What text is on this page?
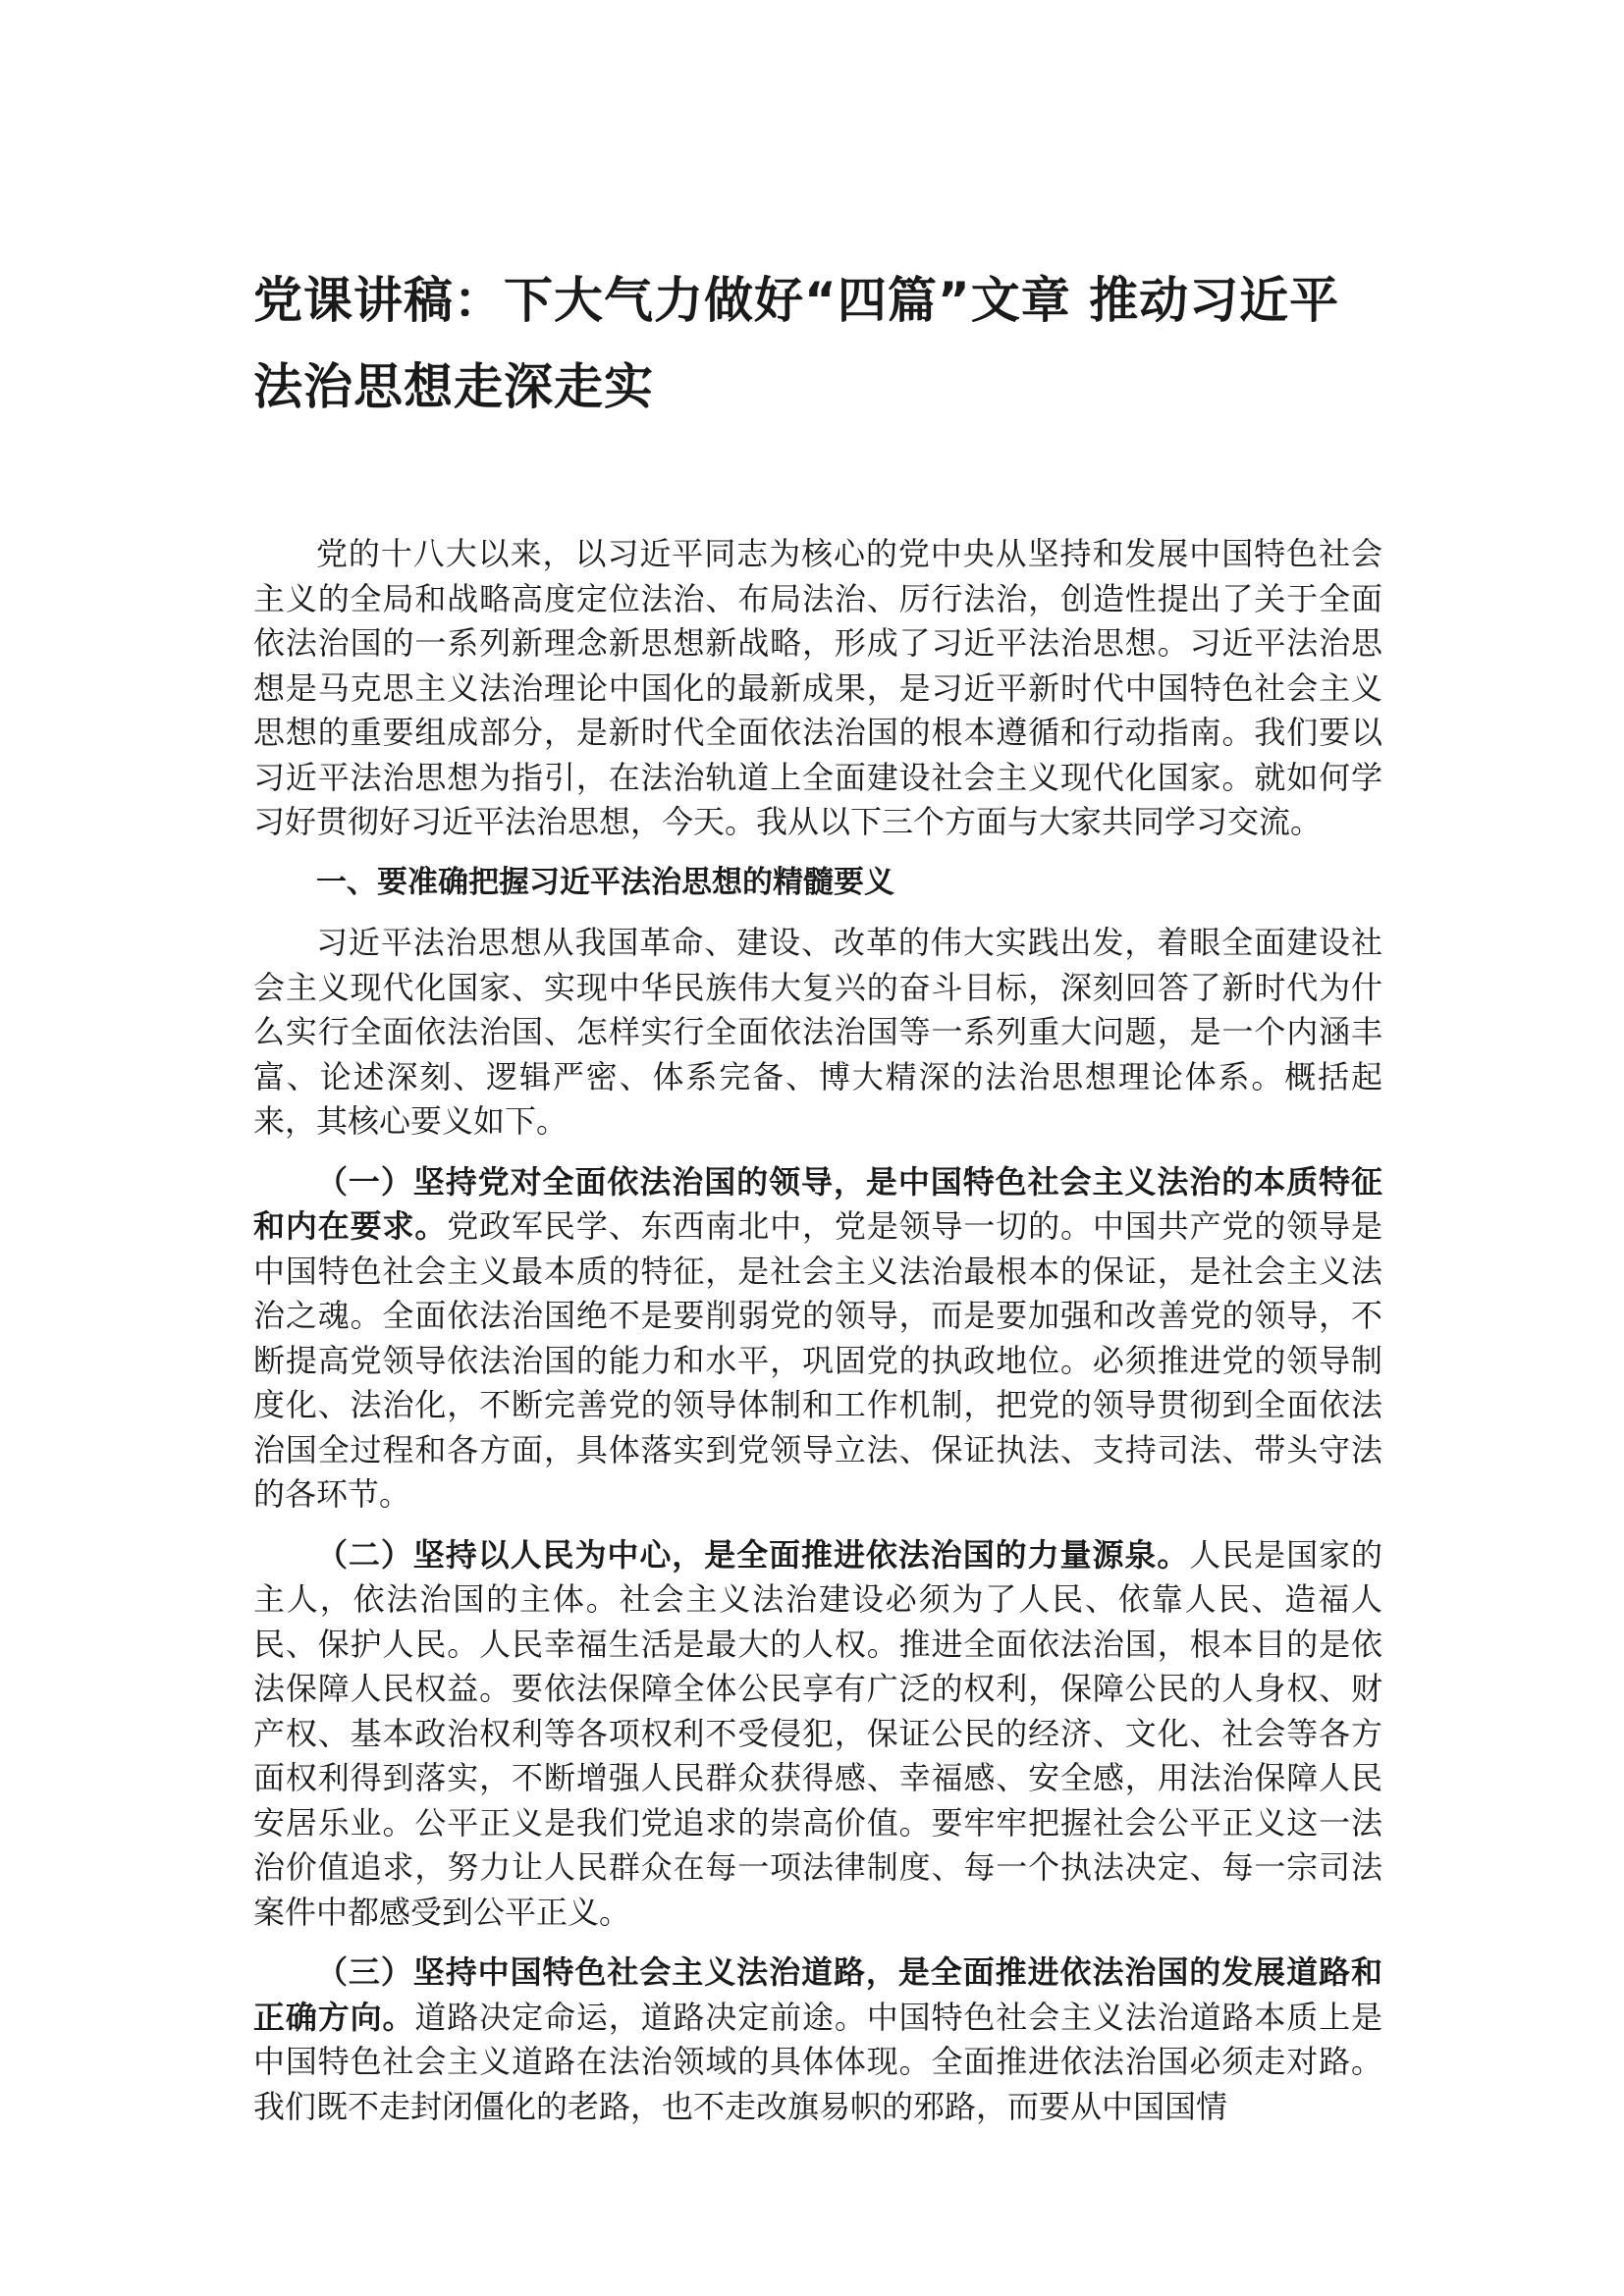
党课讲稿：下大气力做好“四篇”文章 推动习近平
法治思想走深走实

党的十八大以来，以习近平同志为核心的党中央从坚持和发展中国特色社会主义的全局和战略高度定位法治、布局法治、厉行法治，创造性提出了关于全面依法治国的一系列新理念新思想新战略，形成了习近平法治思想。习近平法治思想是马克思主义法治理论中国化的最新成果，是习近平新时代中国特色社会主义思想的重要组成部分，是新时代全面依法治国的根本遵循和行动指南。我们要以习近平法治思想为指引，在法治轨道上全面建设社会主义现代化国家。就如何学习好贯彻好习近平法治思想，今天。我从以下三个方面与大家共同学习交流。

一、要准确把握习近平法治思想的精髓要义

习近平法治思想从我国革命、建设、改革的伟大实践出发，着眼全面建设社会主义现代化国家、实现中华民族伟大复兴的奋斗目标，深刻回答了新时代为什么实行全面依法治国、怎样实行全面依法治国等一系列重大问题，是一个内涵丰富、论述深刻、逻辑严密、体系完备、博大精深的法治思想理论体系。概括起来，其核心要义如下。

（一）坚持党对全面依法治国的领导，是中国特色社会主义法治的本质特征和内在要求。党政军民学、东西南北中，党是领导一切的。中国共产党的领导是中国特色社会主义最本质的特征，是社会主义法治最根本的保证，是社会主义法治之魂。全面依法治国绝不是要削弱党的领导，而是要加强和改善党的领导，不断提高党领导依法治国的能力和水平，巩固党的执政地位。必须推进党的领导制度化、法治化，不断完善党的领导体制和工作机制，把党的领导贯彻到全面依法治国全过程和各方面，具体落实到党领导立法、保证执法、支持司法、带头守法的各环节。

（二）坚持以人民为中心，是全面推进依法治国的力量源泉。人民是国家的主人，依法治国的主体。社会主义法治建设必须为了人民、依靠人民、造福人民、保护人民。人民幸福生活是最大的人权。推进全面依法治国，根本目的是依法保障人民权益。要依法保障全体公民享有广泛的权利，保障公民的人身权、财产权、基本政治权利等各项权利不受侵犯，保证公民的经济、文化、社会等各方面权利得到落实，不断增强人民群众获得感、幸福感、安全感，用法治保障人民安居乐业。公平正义是我们党追求的崇高价值。要牢牢把握社会公平正义这一法治价值追求，努力让人民群众在每一项法律制度、每一个执法决定、每一宗司法案件中都感受到公平正义。

（三）坚持中国特色社会主义法治道路，是全面推进依法治国的发展道路和正确方向。道路决定命运，道路决定前途。中国特色社会主义法治道路本质上是中国特色社会主义道路在法治领域的具体体现。全面推进依法治国必须走对路。我们既不走封闭僵化的老路，也不走改旗易帜的邪路，而要从中国国情
